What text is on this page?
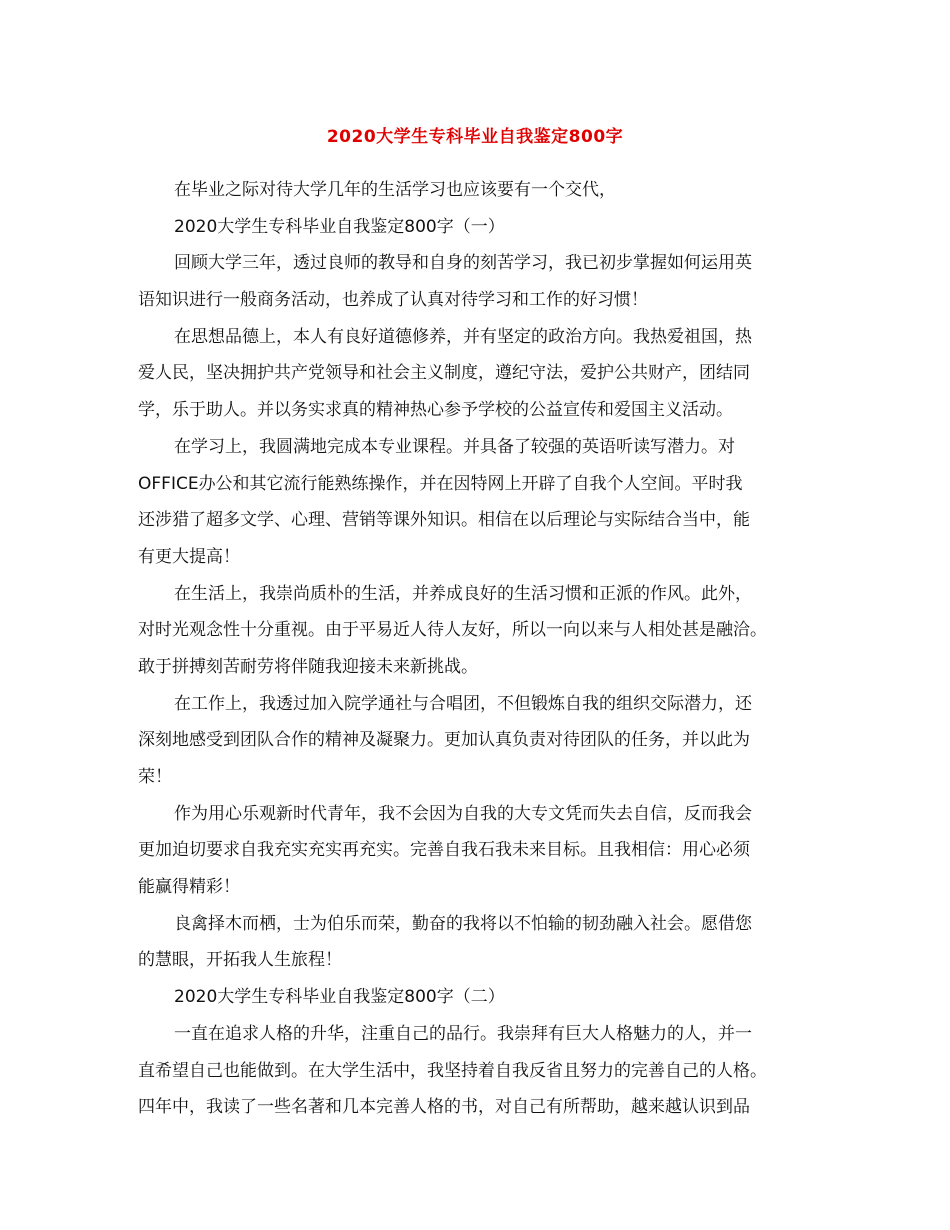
2020大学生专科毕业自我鉴定800字
在毕业之际对待大学几年的生活学习也应该要有一个交代，
2020大学生专科毕业自我鉴定800字（一）
回顾大学三年，透过良师的教导和自身的刻苦学习，我已初步掌握如何运用英
语知识进行一般商务活动，也养成了认真对待学习和工作的好习惯！
在思想品德上，本人有良好道德修养，并有坚定的政治方向。我热爱祖国，热
爱人民，坚决拥护共产党领导和社会主义制度，遵纪守法，爱护公共财产，团结同
学，乐于助人。并以务实求真的精神热心参予学校的公益宣传和爱国主义活动。
在学习上，我圆满地完成本专业课程。并具备了较强的英语听读写潜力。对
OFFICE办公和其它流行能熟练操作，并在因特网上开辟了自我个人空间。平时我
还涉猎了超多文学、心理、营销等课外知识。相信在以后理论与实际结合当中，能
有更大提高！
在生活上，我崇尚质朴的生活，并养成良好的生活习惯和正派的作风。此外，
对时光观念性十分重视。由于平易近人待人友好，所以一向以来与人相处甚是融洽。
敢于拼搏刻苦耐劳将伴随我迎接未来新挑战。
在工作上，我透过加入院学通社与合唱团，不但锻炼自我的组织交际潜力，还
深刻地感受到团队合作的精神及凝聚力。更加认真负责对待团队的任务，并以此为
荣！
作为用心乐观新时代青年，我不会因为自我的大专文凭而失去自信，反而我会
更加迫切要求自我充实充实再充实。完善自我石我未来目标。且我相信：用心必须
能赢得精彩！
良禽择木而栖，士为伯乐而荣，勤奋的我将以不怕输的韧劲融入社会。愿借您
的慧眼，开拓我人生旅程！
2020大学生专科毕业自我鉴定800字（二）
一直在追求人格的升华，注重自己的品行。我崇拜有巨大人格魅力的人，并一
直希望自己也能做到。在大学生活中，我坚持着自我反省且努力的完善自己的人格。
四年中，我读了一些名著和几本完善人格的书，对自己有所帮助，越来越认识到品
